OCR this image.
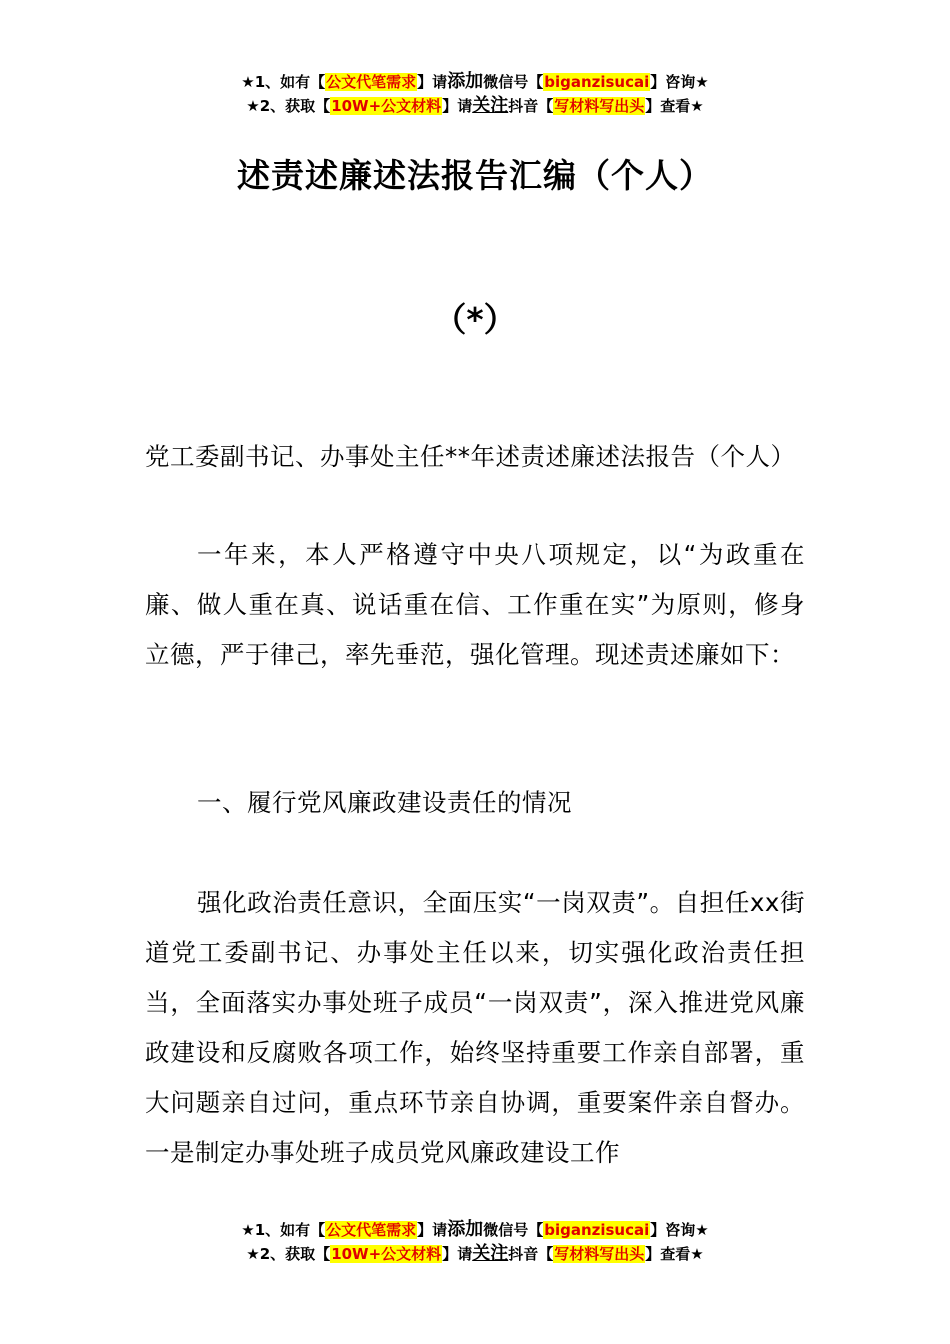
★1、如有【公文代笔需求】请添加微信号【biganzisucai】咨询★
★2、获取【10W+公文材料】请关注抖音【写材料写出头】查看★
述责述廉述法报告汇编（个人）
（*）
党工委副书记、办事处主任**年述责述廉述法报告（个人）
一年来，本人严格遵守中央八项规定，以“为政重在廉、做人重在真、说话重在信、工作重在实”为原则，修身立德，严于律己，率先垂范，强化管理。现述责述廉如下：
一、履行党风廉政建设责任的情况
强化政治责任意识，全面压实“一岗双责”。自担任xx街道党工委副书记、办事处主任以来，切实强化政治责任担当，全面落实办事处班子成员“一岗双责”，深入推进党风廉政建设和反腐败各项工作，始终坚持重要工作亲自部署，重大问题亲自过问，重点环节亲自协调，重要案件亲自督办。一是制定办事处班子成员党风廉政建设工作
★1、如有【公文代笔需求】请添加微信号【biganzisucai】咨询★
★2、获取【10W+公文材料】请关注抖音【写材料写出头】查看★
